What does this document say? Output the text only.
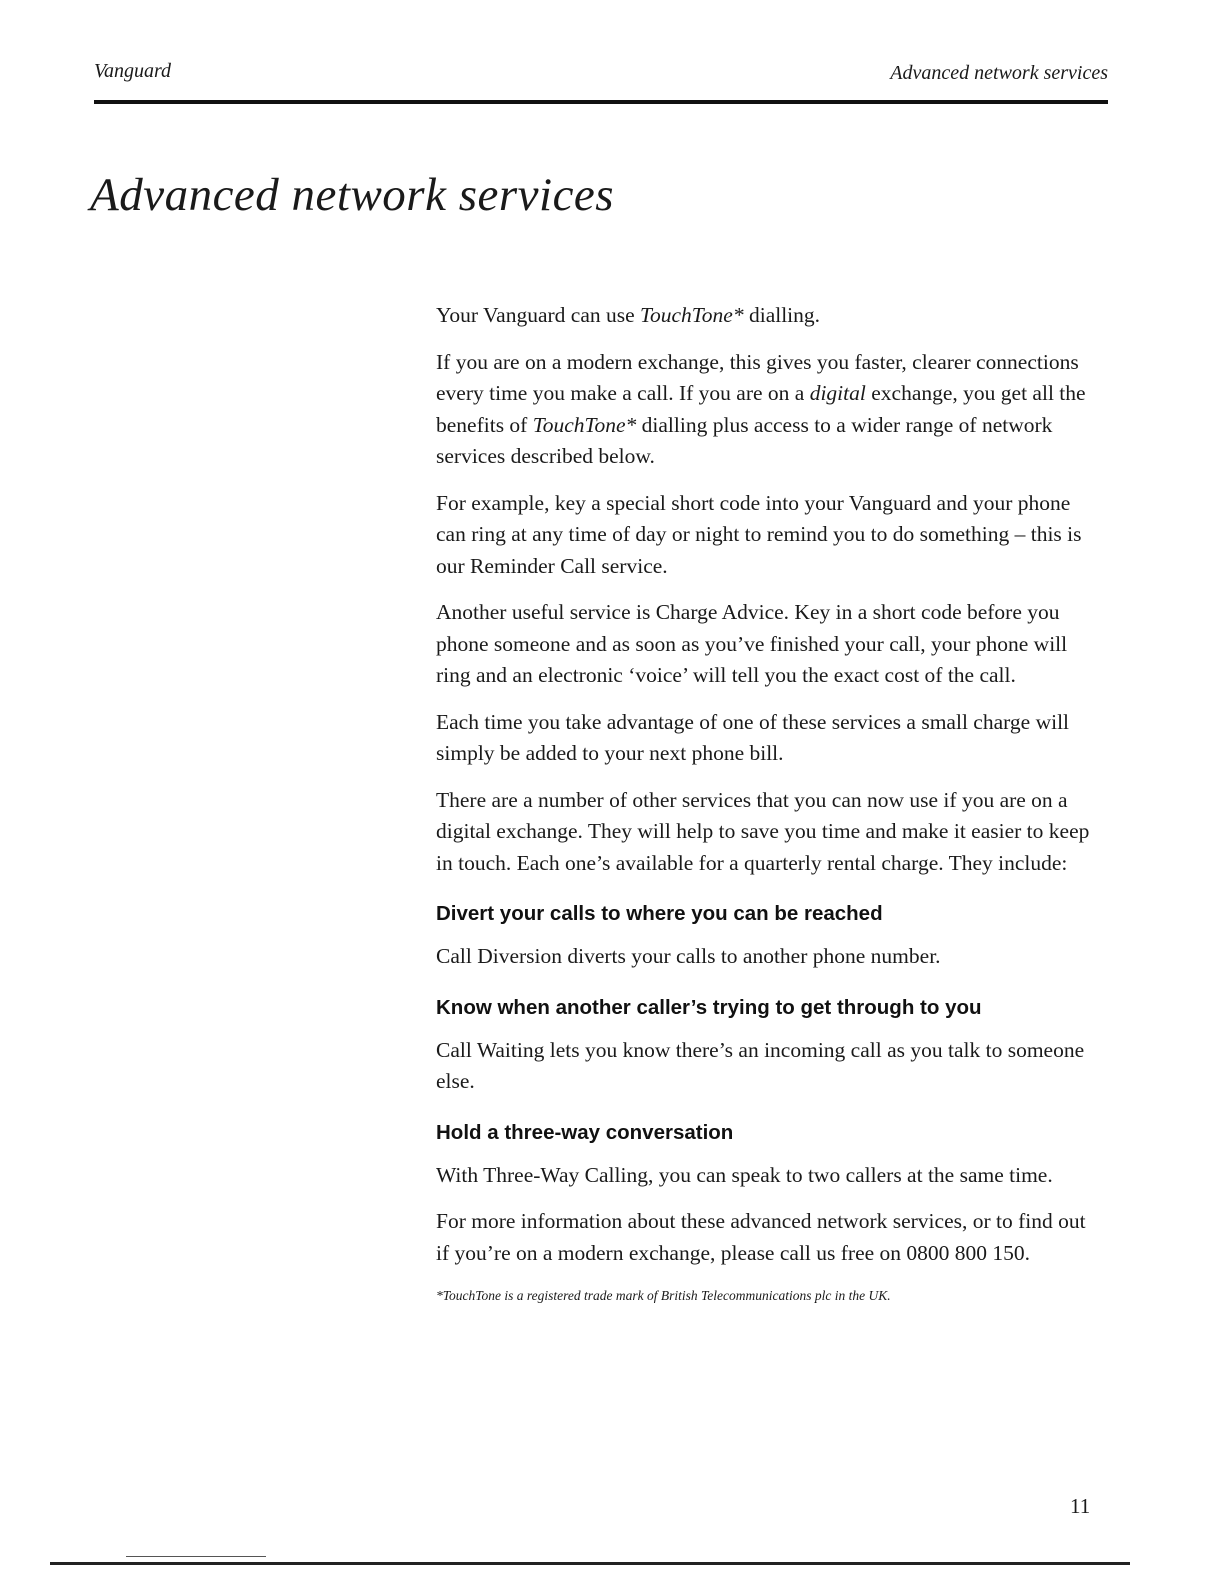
Vanguard	Advanced network services
Advanced network services

Your Vanguard can use TouchTone* dialling.

If you are on a modern exchange, this gives you faster, clearer connections every time you make a call. If you are on a digital exchange, you get all the benefits of TouchTone* dialling plus access to a wider range of network services described below.

For example, key a special short code into your Vanguard and your phone can ring at any time of day or night to remind you to do something – this is our Reminder Call service.

Another useful service is Charge Advice. Key in a short code before you phone someone and as soon as you’ve finished your call, your phone will ring and an electronic ‘voice’ will tell you the exact cost of the call.

Each time you take advantage of one of these services a small charge will simply be added to your next phone bill.

There are a number of other services that you can now use if you are on a digital exchange. They will help to save you time and make it easier to keep in touch. Each one’s available for a quarterly rental charge. They include:

Divert your calls to where you can be reached

Call Diversion diverts your calls to another phone number.

Know when another caller’s trying to get through to you

Call Waiting lets you know there’s an incoming call as you talk to someone else.

Hold a three-way conversation

With Three-Way Calling, you can speak to two callers at the same time.

For more information about these advanced network services, or to find out if you’re on a modern exchange, please call us free on 0800 800 150.

*TouchTone is a registered trade mark of British Telecommunications plc in the UK.

11
